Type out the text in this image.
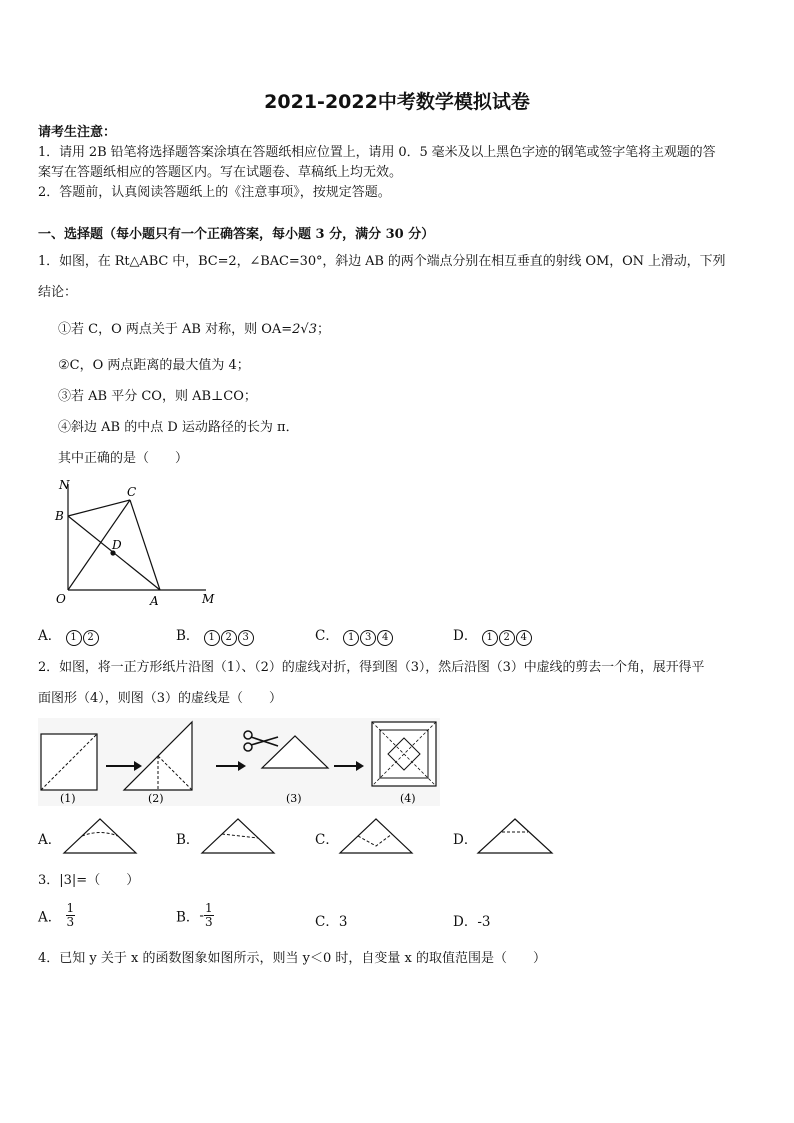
2021-2022中考数学模拟试卷
请考生注意：
1．请用 2B 铅笔将选择题答案涂填在答题纸相应位置上，请用 0．5 毫米及以上黑色字迹的钢笔或签字笔将主观题的答
案写在答题纸相应的答题区内。写在试题卷、草稿纸上均无效。
2．答题前，认真阅读答题纸上的《注意事项》，按规定答题。
一、选择题（每小题只有一个正确答案，每小题 3 分，满分 30 分）
1．如图，在 Rt△ABC 中，BC=2，∠BAC=30°，斜边 AB 的两个端点分别在相互垂直的射线 OM，ON 上滑动，下列
结论：
①若 C，O 两点关于 AB 对称，则 OA=2√3；
②C，O 两点距离的最大值为 4；
③若 AB 平分 CO，则 AB⊥CO；
④斜边 AB 的中点 D 运动路径的长为 π．
其中正确的是（　　）
N	C
B
D
O	A	M
A． 1 2	B． 1 2 3	C． 1 3 4	D． 1 2 4
2．如图，将一正方形纸片沿图（1）、（2）的虚线对折，得到图（3），然后沿图（3）中虚线的剪去一个角，展开得平
面图形（4），则图（3）的虚线是（　　）
(1)	(2)	(3)	(4)
A．	B．	C．	D．
3．|3|=（　　）
A． $\frac{1}{3}$	B．- $\frac{1}{3}$	C．3	D．-3
4．已知 y 关于 x 的函数图象如图所示，则当 y＜0 时，自变量 x 的取值范围是（　　）
